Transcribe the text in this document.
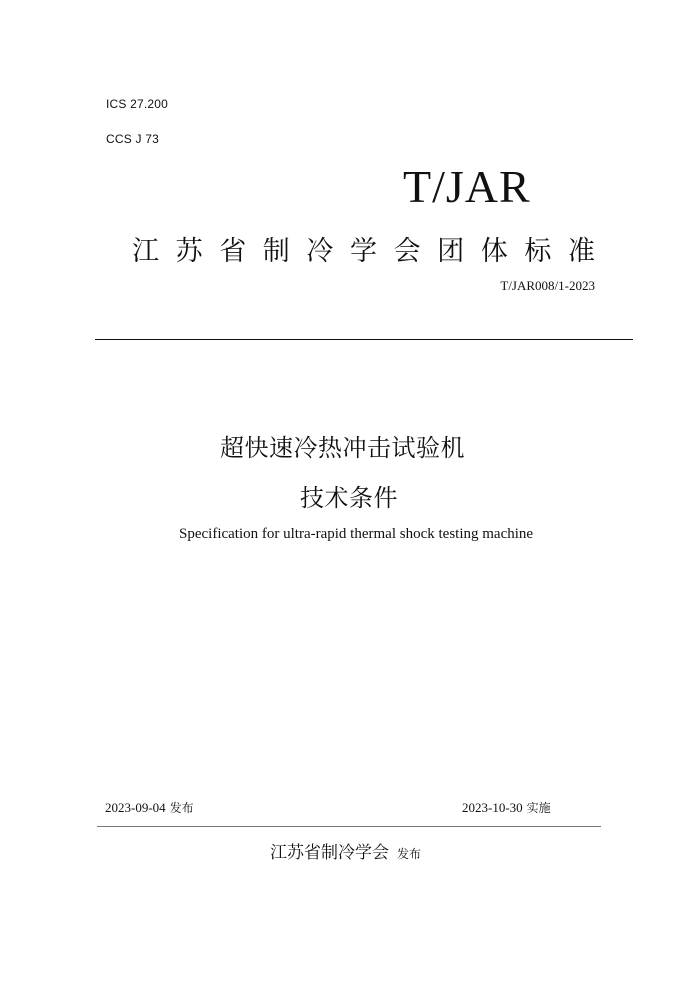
ICS 27.200
CCS J 73
T/JAR
江苏省制冷学会团体标准
T/JAR008/1-2023
超快速冷热冲击试验机
技术条件
Specification for ultra-rapid thermal shock testing machine
2023-09-04 发布	2023-10-30 实施
江苏省制冷学会 发布
